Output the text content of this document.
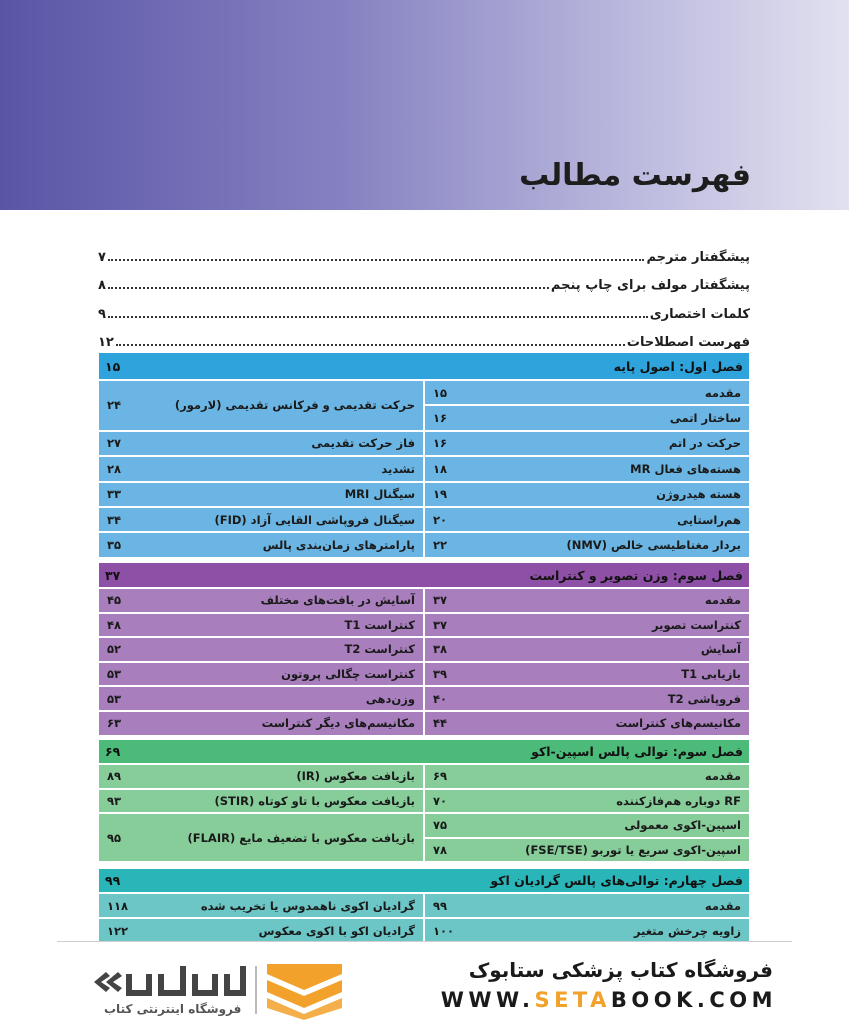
فهرست مطالب
پیشگفتار مترجم
۷
پیشگفتار مولف برای چاپ پنجم
۸
کلمات اختصاری
۹
فهرست اصطلاحات
۱۲
فصل اول: اصول پایه
۱۵
مقدمه
۱۵
ساختار اتمی
۱۶
حرکت در اتم
۱۶
هسته‌های فعال MR
۱۸
هسته هیدروژن
۱۹
هم‌راستایی
۲۰
بردار مغناطیسی خالص (NMV)
۲۲
حرکت تقدیمی و فرکانس تقدیمی (لارمور)
۲۴
فاز حرکت تقدیمی
۲۷
تشدید
۲۸
سیگنال MRI
۳۳
سیگنال فروپاشی القایی آزاد (FID)
۳۴
پارامترهای زمان‌بندی پالس
۳۵
فصل سوم: وزن تصویر و کنتراست
۳۷
مقدمه
۳۷
کنتراست تصویر
۳۷
آسایش
۳۸
بازیابی T1
۳۹
فروپاشی T2
۴۰
مکانیسم‌های کنتراست
۴۴
آسایش در بافت‌های مختلف
۴۵
کنتراست T1
۴۸
کنتراست T2
۵۲
کنتراست چگالی پروتون
۵۳
وزن‌دهی
۵۳
مکانیسم‌های دیگر کنتراست
۶۳
فصل سوم: توالی پالس اسپین-اکو
۶۹
مقدمه
۶۹
RF دوباره هم‌فازکننده
۷۰
اسپین-اکوی معمولی
۷۵
اسپین-اکوی سریع یا توربو (FSE/TSE)
۷۸
بازیافت معکوس (IR)
۸۹
بازیافت معکوس با تاو کوتاه (STIR)
۹۳
بازیافت معکوس با تضعیف مایع (FLAIR)
۹۵
فصل چهارم: توالی‌های پالس گرادیان اکو
۹۹
مقدمه
۹۹
زاویه چرخش متغیر
۱۰۰
گرادیان اکوی ناهمدوس یا تخریب شده
۱۱۸
گرادیان اکو با اکوی معکوس
۱۲۲
فروشگاه اینترنتی کتاب
فروشگاه کتاب پزشکی ستابوک
WWW.SETABOOK.COM
